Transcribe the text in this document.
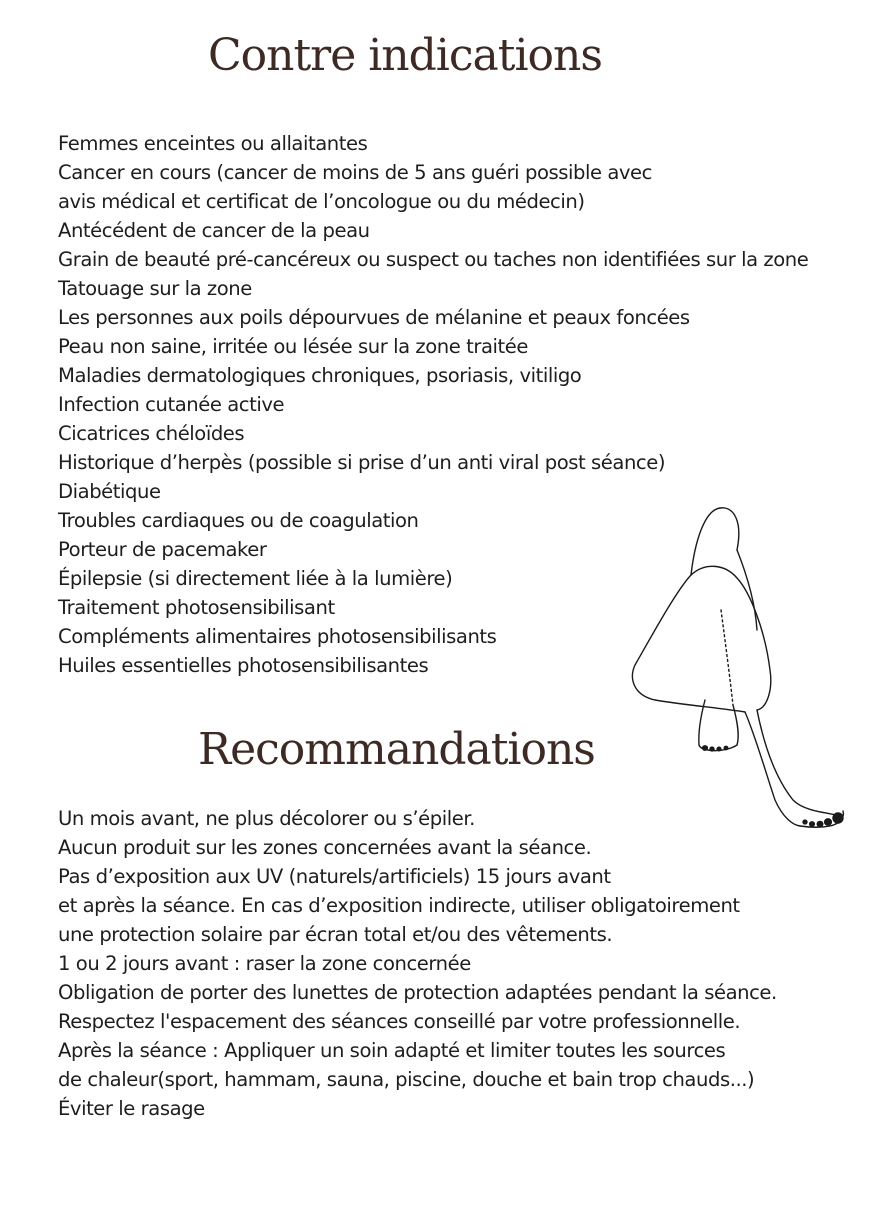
Contre indications
Femmes enceintes ou allaitantes
Cancer en cours (cancer de moins de 5 ans guéri possible avec
avis médical et certificat de l’oncologue ou du médecin)
Antécédent de cancer de la peau
Grain de beauté pré-cancéreux ou suspect ou taches non identifiées sur la zone
Tatouage sur la zone
Les personnes aux poils dépourvues de mélanine et peaux foncées
Peau non saine, irritée ou lésée sur la zone traitée
Maladies dermatologiques chroniques, psoriasis, vitiligo
Infection cutanée active
Cicatrices chéloïdes
Historique d’herpès (possible si prise d’un anti viral post séance)
Diabétique
Troubles cardiaques ou de coagulation
Porteur de pacemaker
Épilepsie (si directement liée à la lumière)
Traitement photosensibilisant
Compléments alimentaires photosensibilisants
Huiles essentielles photosensibilisantes
Recommandations
Un mois avant, ne plus décolorer ou s’épiler.
Aucun produit sur les zones concernées avant la séance.
Pas d’exposition aux UV (naturels/artificiels) 15 jours avant
et après la séance. En cas d’exposition indirecte, utiliser obligatoirement
une protection solaire par écran total et/ou des vêtements.
1 ou 2 jours avant : raser la zone concernée
Obligation de porter des lunettes de protection adaptées pendant la séance.
Respectez l'espacement des séances conseillé par votre professionnelle.
Après la séance : Appliquer un soin adapté et limiter toutes les sources
de chaleur(sport, hammam, sauna, piscine, douche et bain trop chauds...)
Éviter le rasage
